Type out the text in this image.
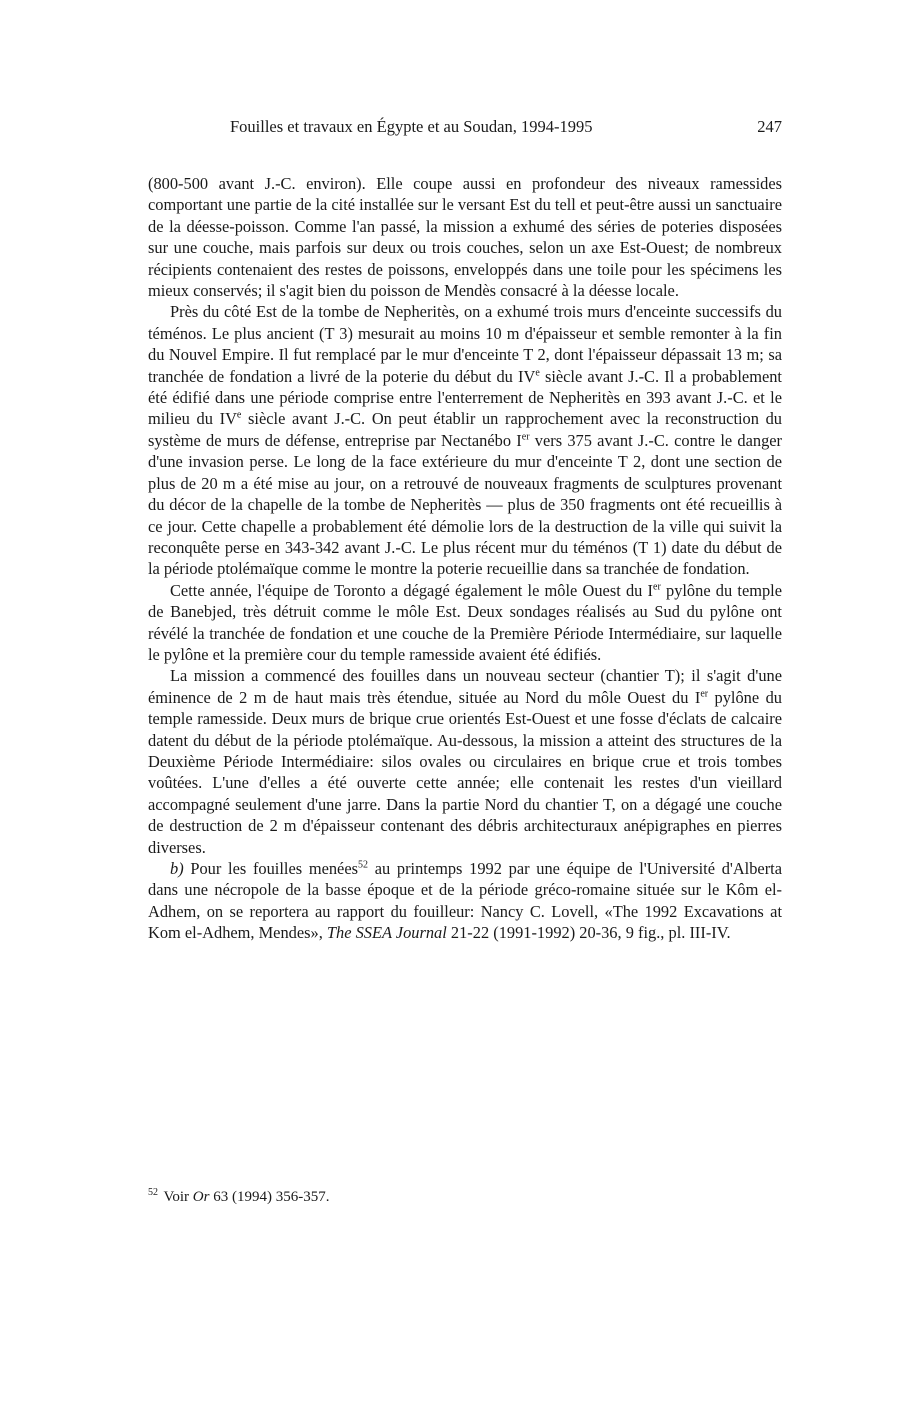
Fouilles et travaux en Égypte et au Soudan, 1994-1995	247

(800-500 avant J.-C. environ). Elle coupe aussi en profondeur des niveaux ramessides comportant une partie de la cité installée sur le versant Est du tell et peut-être aussi un sanctuaire de la déesse-poisson. Comme l'an passé, la mission a exhumé des séries de poteries disposées sur une couche, mais parfois sur deux ou trois couches, selon un axe Est-Ouest; de nombreux récipients contenaient des restes de poissons, enveloppés dans une toile pour les spécimens les mieux conservés; il s'agit bien du poisson de Mendès consacré à la déesse locale.

Près du côté Est de la tombe de Nepheritès, on a exhumé trois murs d'enceinte successifs du téménos. Le plus ancient (T 3) mesurait au moins 10 m d'épaisseur et semble remonter à la fin du Nouvel Empire. Il fut remplacé par le mur d'enceinte T 2, dont l'épaisseur dépassait 13 m; sa tranchée de fondation a livré de la poterie du début du IVe siècle avant J.-C. Il a probablement été édifié dans une période comprise entre l'enterrement de Nepheritès en 393 avant J.-C. et le milieu du IVe siècle avant J.-C. On peut établir un rapprochement avec la reconstruction du système de murs de défense, entreprise par Nectanébo Ier vers 375 avant J.-C. contre le danger d'une invasion perse. Le long de la face extérieure du mur d'enceinte T 2, dont une section de plus de 20 m a été mise au jour, on a retrouvé de nouveaux fragments de sculptures provenant du décor de la chapelle de la tombe de Nepheritès — plus de 350 fragments ont été recueillis à ce jour. Cette chapelle a probablement été démolie lors de la destruction de la ville qui suivit la reconquête perse en 343-342 avant J.-C. Le plus récent mur du téménos (T 1) date du début de la période ptolémaïque comme le montre la poterie recueillie dans sa tranchée de fondation.

Cette année, l'équipe de Toronto a dégagé également le môle Ouest du Ier pylône du temple de Banebjed, très détruit comme le môle Est. Deux sondages réalisés au Sud du pylône ont révélé la tranchée de fondation et une couche de la Première Période Intermédiaire, sur laquelle le pylône et la première cour du temple ramesside avaient été édifiés.

La mission a commencé des fouilles dans un nouveau secteur (chantier T); il s'agit d'une éminence de 2 m de haut mais très étendue, située au Nord du môle Ouest du Ier pylône du temple ramesside. Deux murs de brique crue orientés Est-Ouest et une fosse d'éclats de calcaire datent du début de la période ptolémaïque. Au-dessous, la mission a atteint des structures de la Deuxième Période Intermédiaire: silos ovales ou circulaires en brique crue et trois tombes voûtées. L'une d'elles a été ouverte cette année; elle contenait les restes d'un vieillard accompagné seulement d'une jarre. Dans la partie Nord du chantier T, on a dégagé une couche de destruction de 2 m d'épaisseur contenant des débris architecturaux anépigraphes en pierres diverses.

b) Pour les fouilles menées$^{52}$ au printemps 1992 par une équipe de l'Université d'Alberta dans une nécropole de la basse époque et de la période gréco-romaine située sur le Kôm el-Adhem, on se reportera au rapport du fouilleur: Nancy C. Lovell, «The 1992 Excavations at Kom el-Adhem, Mendes», The SSEA Journal 21-22 (1991-1992) 20-36, 9 fig., pl. III-IV.

$^{52}$ Voir Or 63 (1994) 356-357.
